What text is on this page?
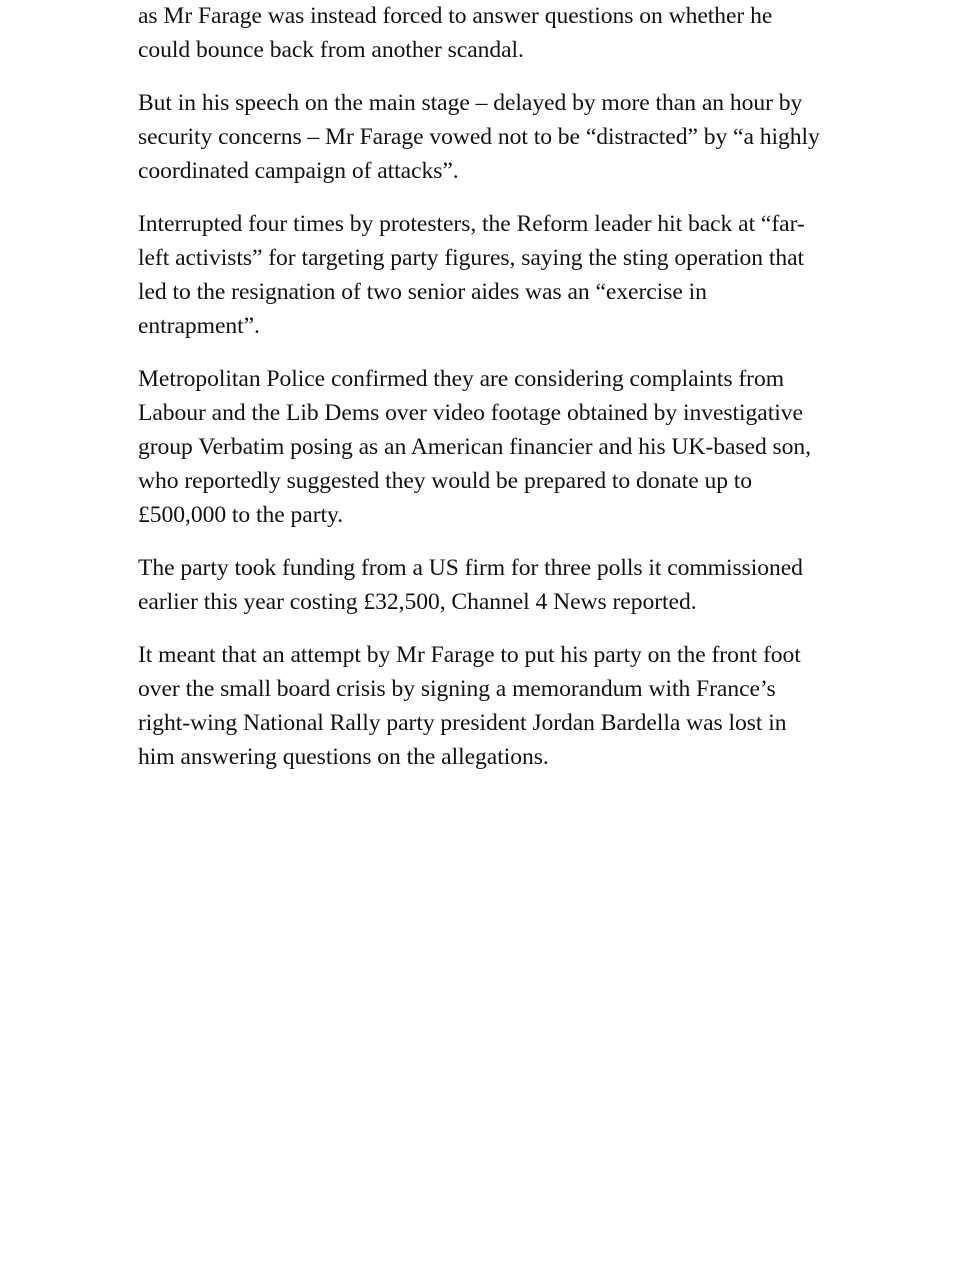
as Mr Farage was instead forced to answer questions on whether he could bounce back from another scandal.

But in his speech on the main stage – delayed by more than an hour by security concerns – Mr Farage vowed not to be “distracted” by “a highly coordinated campaign of attacks”.

Interrupted four times by protesters, the Reform leader hit back at “far-left activists” for targeting party figures, saying the sting operation that led to the resignation of two senior aides was an “exercise in entrapment”.

Metropolitan Police confirmed they are considering complaints from Labour and the Lib Dems over video footage obtained by investigative group Verbatim posing as an American financier and his UK-based son, who reportedly suggested they would be prepared to donate up to £500,000 to the party.

The party took funding from a US firm for three polls it commissioned earlier this year costing £32,500, Channel 4 News reported.

It meant that an attempt by Mr Farage to put his party on the front foot over the small board crisis by signing a memorandum with France’s right-wing National Rally party president Jordan Bardella was lost in him answering questions on the allegations.
